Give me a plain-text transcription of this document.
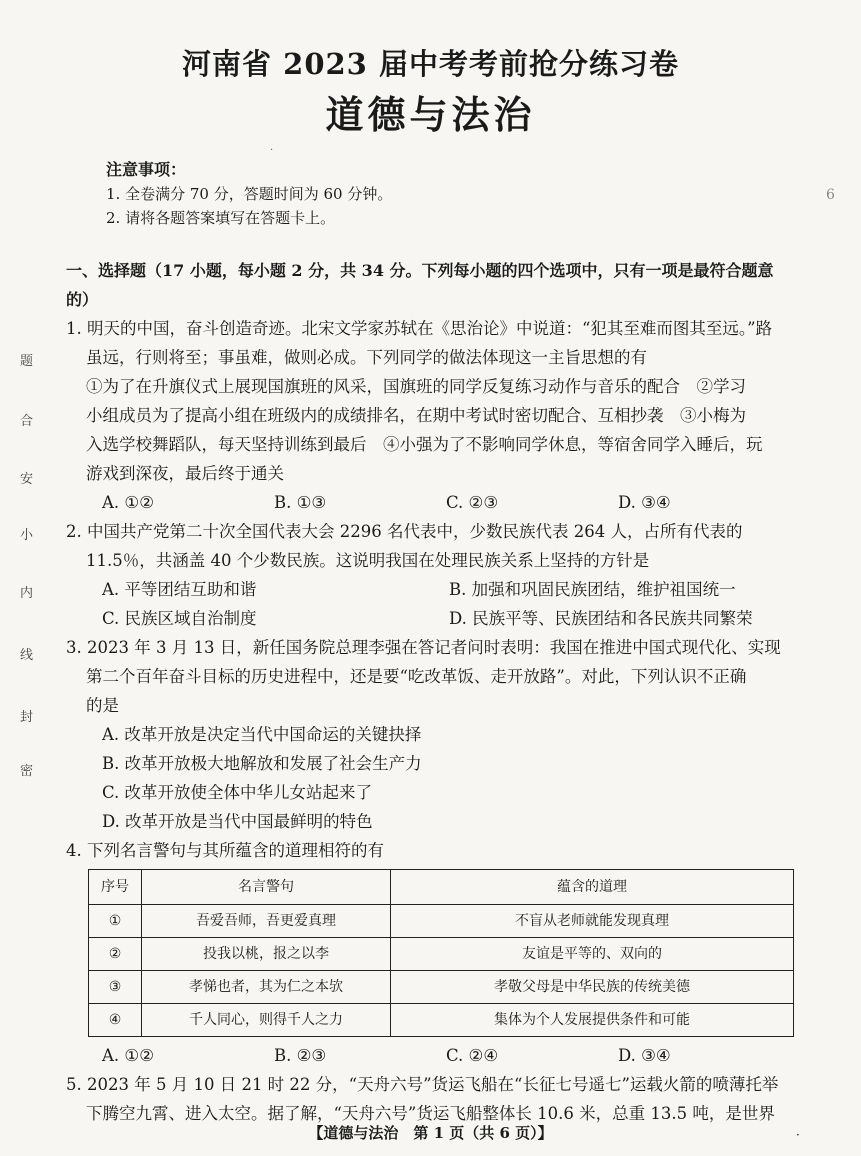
·
河南省 2023 届中考考前抢分练习卷
道德与法治
注意事项：
1. 全卷满分 70 分，答题时间为 60 分钟。
2. 请将各题答案填写在答题卡上。
6
题
合
安
小
内
线
封
密
一、选择题（17 小题，每小题 2 分，共 34 分。下列每小题的四个选项中，只有一项是最符合题意的）
1. 明天的中国，奋斗创造奇迹。北宋文学家苏轼在《思治论》中说道：“犯其至难而图其至远。”路
虽远，行则将至；事虽难，做则必成。下列同学的做法体现这一主旨思想的有
①为了在升旗仪式上展现国旗班的风采，国旗班的同学反复练习动作与音乐的配合　②学习
小组成员为了提高小组在班级内的成绩排名，在期中考试时密切配合、互相抄袭　③小梅为
入选学校舞蹈队，每天坚持训练到最后　④小强为了不影响同学休息，等宿舍同学入睡后，玩
游戏到深夜，最后终于通关
A. ①②	B. ①③	C. ②③	D. ③④
2. 中国共产党第二十次全国代表大会 2296 名代表中，少数民族代表 264 人，占所有代表的
11.5％，共涵盖 40 个少数民族。这说明我国在处理民族关系上坚持的方针是
A. 平等团结互助和谐	B. 加强和巩固民族团结，维护祖国统一
C. 民族区域自治制度	D. 民族平等、民族团结和各民族共同繁荣
3. 2023 年 3 月 13 日，新任国务院总理李强在答记者问时表明：我国在推进中国式现代化、实现
第二个百年奋斗目标的历史进程中，还是要“吃改革饭、走开放路”。对此，下列认识不正确
的是
A. 改革开放是决定当代中国命运的关键抉择
B. 改革开放极大地解放和发展了社会生产力
C. 改革开放使全体中华儿女站起来了
D. 改革开放是当代中国最鲜明的特色
4. 下列名言警句与其所蕴含的道理相符的有
序号	名言警句	蕴含的道理
①	吾爱吾师，吾更爱真理	不盲从老师就能发现真理
②	投我以桃，报之以李	友谊是平等的、双向的
③	孝悌也者，其为仁之本欤	孝敬父母是中华民族的传统美德
④	千人同心，则得千人之力	集体为个人发展提供条件和可能
A. ①②	B. ②③	C. ②④	D. ③④
5. 2023 年 5 月 10 日 21 时 22 分，“天舟六号”货运飞船在“长征七号遥七”运载火箭的喷薄托举
下腾空九霄、进入太空。据了解，“天舟六号”货运飞船整体长 10.6 米，总重 13.5 吨，是世界
【道德与法治　第 1 页（共 6 页）】	·
